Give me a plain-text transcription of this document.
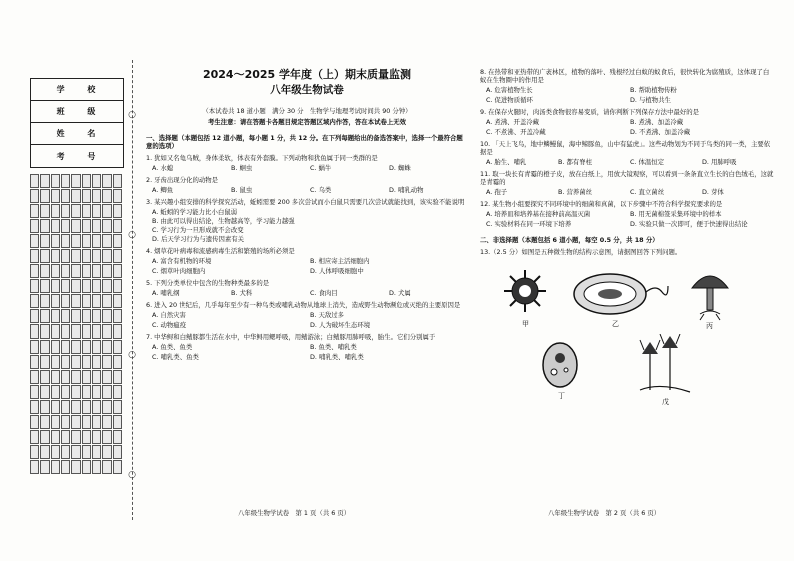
学 校
班 级
姓 名
考 号
○
○
○
○
2024～2025 学年度（上）期末质量监测
八年级生物试卷
（本试卷共 18 道小题　满分 30 分　生物学与地理考试时间共 90 分钟）
考生注意：请在答题卡各题目规定答题区域内作答，答在本试卷上无效
一、选择题（本题包括 12 道小题，每小题 1 分，共 12 分。在下列每题给出的备选答案中，选择一个最符合题意的选项）
1. 犹如又名龟乌贼，身体柔软，体表有外套膜。下列动物和犹鱼属于同一类群的是
A. 水螅	B. 蛔虫	C. 蜗牛	D. 蜘蛛
2. 牙齿出现分化的动物是
A. 鲫鱼	B. 鼠虫	C. 乌类	D. 哺乳动物
3. 某兴趣小组安排的科学探究活动，蚯蚓需要 200 多次尝试而小白鼠只需要几次尝试就能找到，该实验不能说明
A. 蚯蚓的学习能力比小白鼠弱
B. 由此可以得出结论，生物越高等，学习能力越强
C. 学习行为一旦形成就不会改变
D. 后天学习行为与遗传因素有关
4. 烟草花叶病毒和流感病毒生活和繁殖的场所必须是
A. 富含有机物的环境	B. 相应寄主活细胞内
C. 烟草叶肉细胞内	D. 人体呼吸细胞中
5. 下列分类单位中包含的生物种类最多的是
A. 哺乳纲	B. 犬科	C. 食肉目	D. 犬属
6. 进入 20 世纪后，几乎每年至少有一种鸟类或哺乳动物从地球上消失，造成野生动物濒危或灭绝的主要原因是
A. 自然灾害	B. 天敌过多
C. 动物瘟疫	D. 人为破坏生态环境
7. 中华鲟和白鳍豚都生活在水中，中华鲟用鳃呼吸，用鳍游泳；白鳍豚用肺呼吸，胎生。它们分别属于
A. 鱼类、鱼类	B. 鱼类、哺乳类
C. 哺乳类、鱼类	D. 哺乳类、哺乳类
8. 在热带和亚热带的广袤林区，植物的落叶、残根经过白蚁的蚁食后，很快转化为腐殖质，这体现了白蚁在生物圈中的作用是
A. 危害植物生长	B. 帮助植物传粉
C. 促进物质循环	D. 与植物共生
9. 在保存火腿时，肉汤类食物很容易变质，请你判断下列保存方法中最好的是
A. 煮沸、开盖冷藏	B. 煮沸、加盖冷藏
C. 不煮沸、开盖冷藏	D. 不煮沸、加盖冷藏
10. 「天上飞鸟，地中鳞鳗鼠，海中鲸豚鱼，山中有猛虎」。这些动物划为不同于鸟类的同一类，主要依据是
A. 胎生、哺乳	B. 都有脊柱	C. 体温恒定	D. 用肺呼吸
11. 取一块长有青霉的橙子皮，放在白纸上，用放大镜观察，可以看到一条条直立生长的白色绒毛，这就是青霉的
A. 孢子	B. 营养菌丝	C. 直立菌丝	D. 芽体
12. 某生物小组要探究不同环境中的细菌和真菌，以下步骤中不符合科学探究要求的是
A. 培养皿和培养基在接种前高温灭菌	B. 用无菌棉签采集环境中的样本
C. 实验材料在同一环境下培养	D. 实验只做一次即可，便于快速得出结论
二、非选择题（本题包括 6 道小题，每空 0.5 分，共 18 分）
13.（2.5 分）如图是五种微生物的结构示意图，请据图回答下列问题。
甲	乙	丙
丁
戊
八年级生物学试卷　第 1 页（共 6 页）	八年级生物学试卷　第 2 页（共 6 页）
